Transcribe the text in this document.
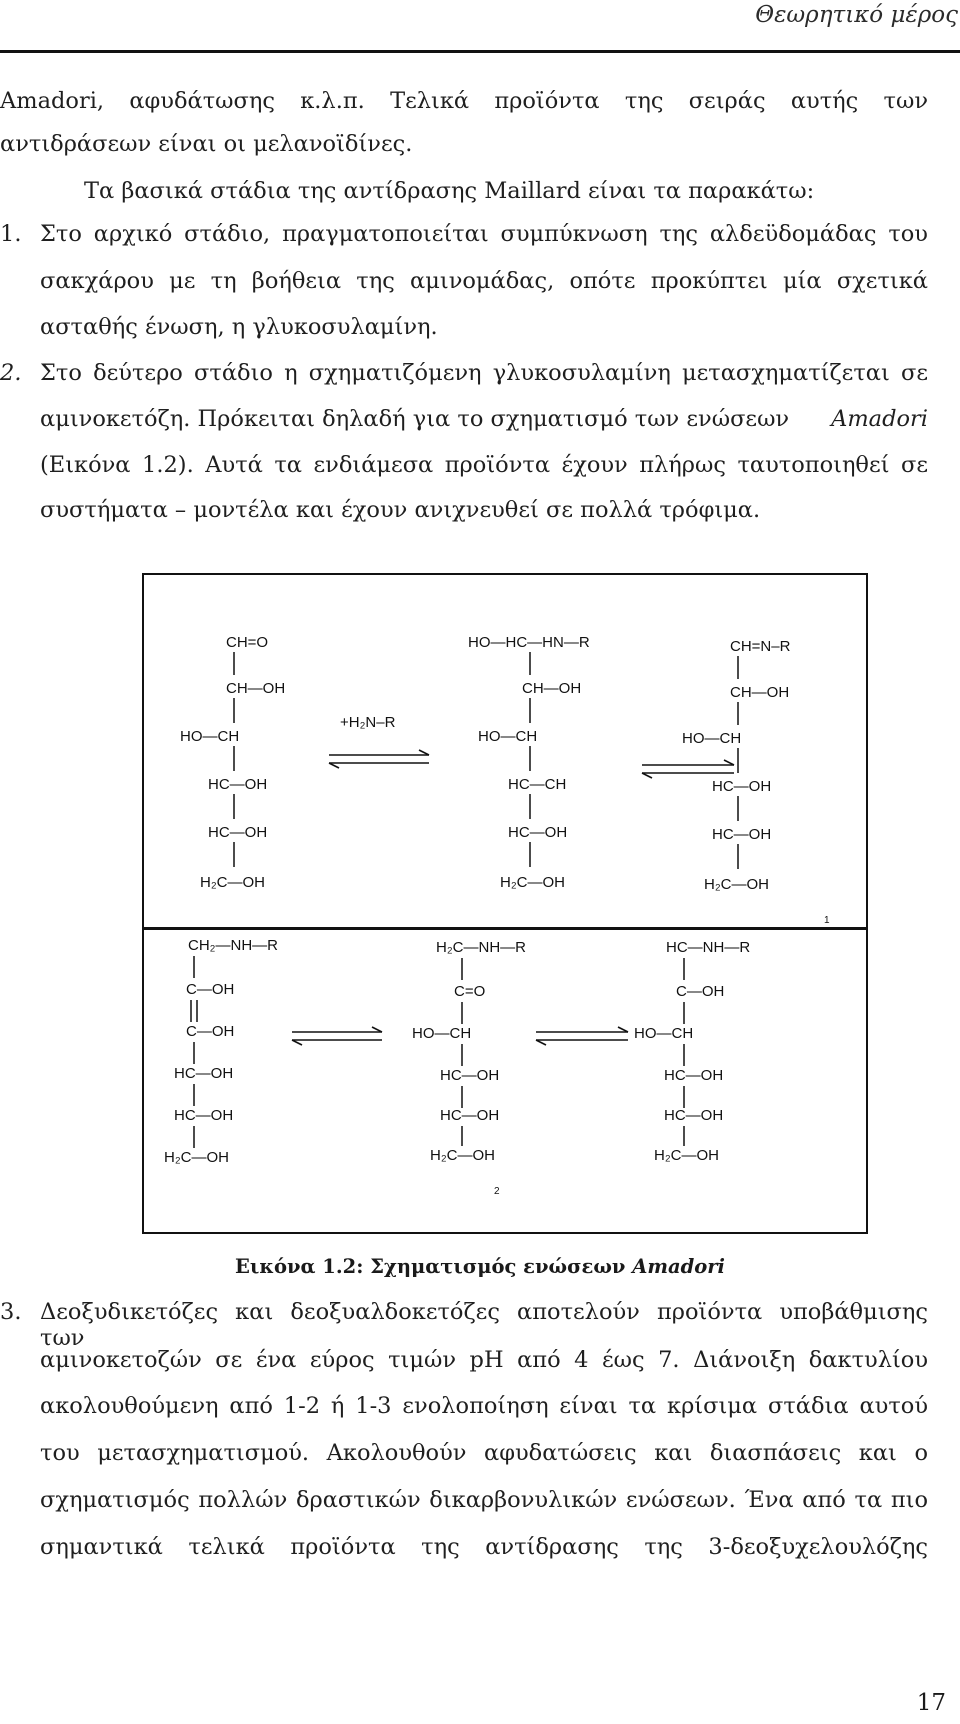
Θεωρητικό μέρος
Amadori, αφυδάτωσης κ.λ.π. Τελικά προϊόντα της σειράς αυτής των
αντιδράσεων είναι οι μελανοϊδίνες.
Τα βασικά στάδια της αντίδρασης Maillard είναι τα παρακάτω:
1. Στο αρχικό στάδιο, πραγματοποιείται συμπύκνωση της αλδεϋδομάδας του
σακχάρου με τη βοήθεια της αμινομάδας, οπότε προκύπτει μία σχετικά
ασταθής ένωση, η γλυκοσυλαμίνη.
2. Στο δεύτερο στάδιο η σχηματιζόμενη γλυκοσυλαμίνη μετασχηματίζεται σε
αμινοκετόζη. Πρόκειται δηλαδή για το σχηματισμό των ενώσεων Amadori
(Εικόνα 1.2). Αυτά τα ενδιάμεσα προϊόντα έχουν πλήρως ταυτοποιηθεί σε
συστήματα – μοντέλα και έχουν ανιχνευθεί σε πολλά τρόφιμα.
CH=O
CH—OH
HO—CH
HC—OH
HC—OH
H₂C—OH
+H₂N–R
HO—HC—HN—R
CH—OH
HO—CH
HC—CH
HC—OH
H₂C—OH
CH=N–R
CH—OH
HO—CH
HC—OH
HC—OH
H₂C—OH
1
CH₂—NH—R
C—OH
C—OH
HC—OH
HC—OH
H₂C—OH
H₂C—NH—R
C=O
HO—CH
HC—OH
HC—OH
H₂C—OH
HC—NH—R
C—OH
HO—CH
HC—OH
HC—OH
H₂C—OH
2
Εικόνα 1.2: Σχηματισμός ενώσεων Amadori
3. Δεοξυδικετόζες και δεοξυαλδοκετόζες αποτελούν προϊόντα υποβάθμισης των
αμινοκετοζών σε ένα εύρος τιμών pH από 4 έως 7. Διάνοιξη δακτυλίου
ακολουθούμενη από 1-2 ή 1-3 ενολοποίηση είναι τα κρίσιμα στάδια αυτού
του μετασχηματισμού. Ακολουθούν αφυδατώσεις και διασπάσεις και ο
σχηματισμός πολλών δραστικών δικαρβονυλικών ενώσεων. Ένα από τα πιο
σημαντικά τελικά προϊόντα της αντίδρασης της 3-δεοξυχελουλόζης
17
